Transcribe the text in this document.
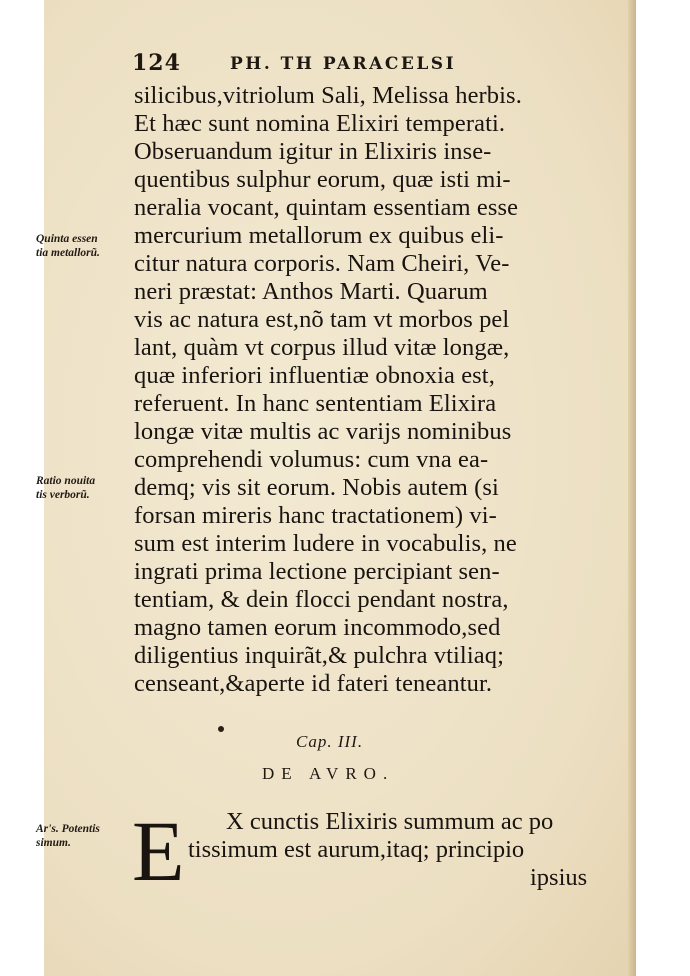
124	PH. TH PARACELSI
silicibus,vitriolum Sali, Melissa herbis.
Et hæc sunt nomina Elixiri temperati.
Obseruandum igitur in Elixiris inse-
quentibus sulphur eorum, quæ isti mi-
neralia vocant, quintam essentiam esse
mercurium metallorum ex quibus eli-
citur natura corporis. Nam Cheiri, Ve-
neri præstat: Anthos Marti. Quarum
vis ac natura est,nõ tam vt morbos pel
lant, quàm vt corpus illud vitæ longæ,
quæ inferiori influentiæ obnoxia est,
referuent. In hanc sententiam Elixira
longæ vitæ multis ac varijs nominibus
comprehendi volumus: cum vna ea-
demq; vis sit eorum. Nobis autem (si
forsan mireris hanc tractationem) vi-
sum est interim ludere in vocabulis, ne
ingrati prima lectione percipiant sen-
tentiam, & dein flocci pendant nostra,
magno tamen eorum incommodo,sed
diligentius inquirãt,& pulchra vtiliaq;
censeant,&aperte id fateri teneantur.
Quinta essen
tia metallorũ.
Ratio nouita
tis verborũ.
Ar's. Potentis
simum.
Cap. III.
DE AVRO.
E X cunctis Elixiris summum ac po
tissimum est aurum,itaq; principio
ipsius
